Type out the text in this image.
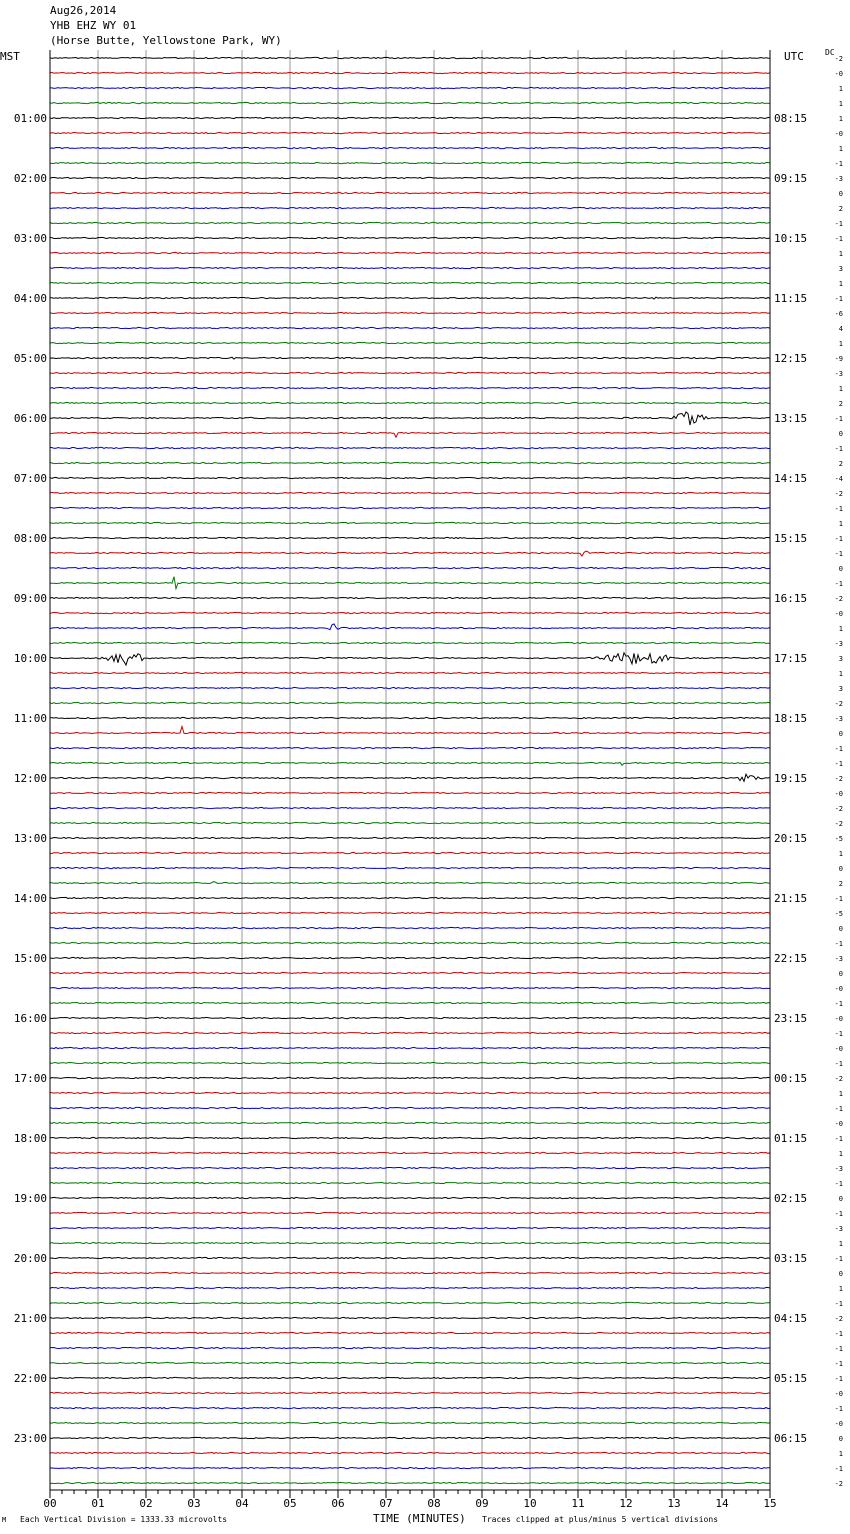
00	01	02	03	04	05	06	07	08	09	10	11	12	13	14	15
01:00
02:00
03:00
04:00
05:00
06:00
07:00
08:00
09:00
10:00
11:00
12:00
13:00
14:00
15:00
16:00
17:00
18:00
19:00
20:00
21:00
22:00
23:00
08:15
09:15
10:15
11:15
12:15
13:15
14:15
15:15
16:15
17:15
18:15
19:15
20:15
21:15
22:15
23:15
00:15
01:15
02:15
03:15
04:15
05:15
06:15
-2
-0
1
1
1
-0
1
-1
-3
0
2
-1
-1
1
3
1
-1
-6
4
1
-9
-3
1
2
-1
0
-1
2
-4
-2
-1
1
-1
-1
0
-1
-2
-0
1
-3
3
1
3
-2
-3
0
-1
-1
-2
-0
-2
-2
-5
1
0
2
-1
-5
0
-1
-3
0
-0
-1
-0
-1
-0
-1
-2
1
-1
-0
-1
1
-3
-1
0
-1
-3
1
-1
0
1
-1
-2
-1
-1
-1
-1
-0
-1
-0
0
1
-1
-2
Aug26,2014
YHB EHZ WY 01
(Horse Butte, Yellowstone Park, WY)
MST	UTC	DC
M Each Vertical Division = 1333.33 microvolts	TIME (MINUTES) Traces clipped at plus/minus 5 vertical divisions
